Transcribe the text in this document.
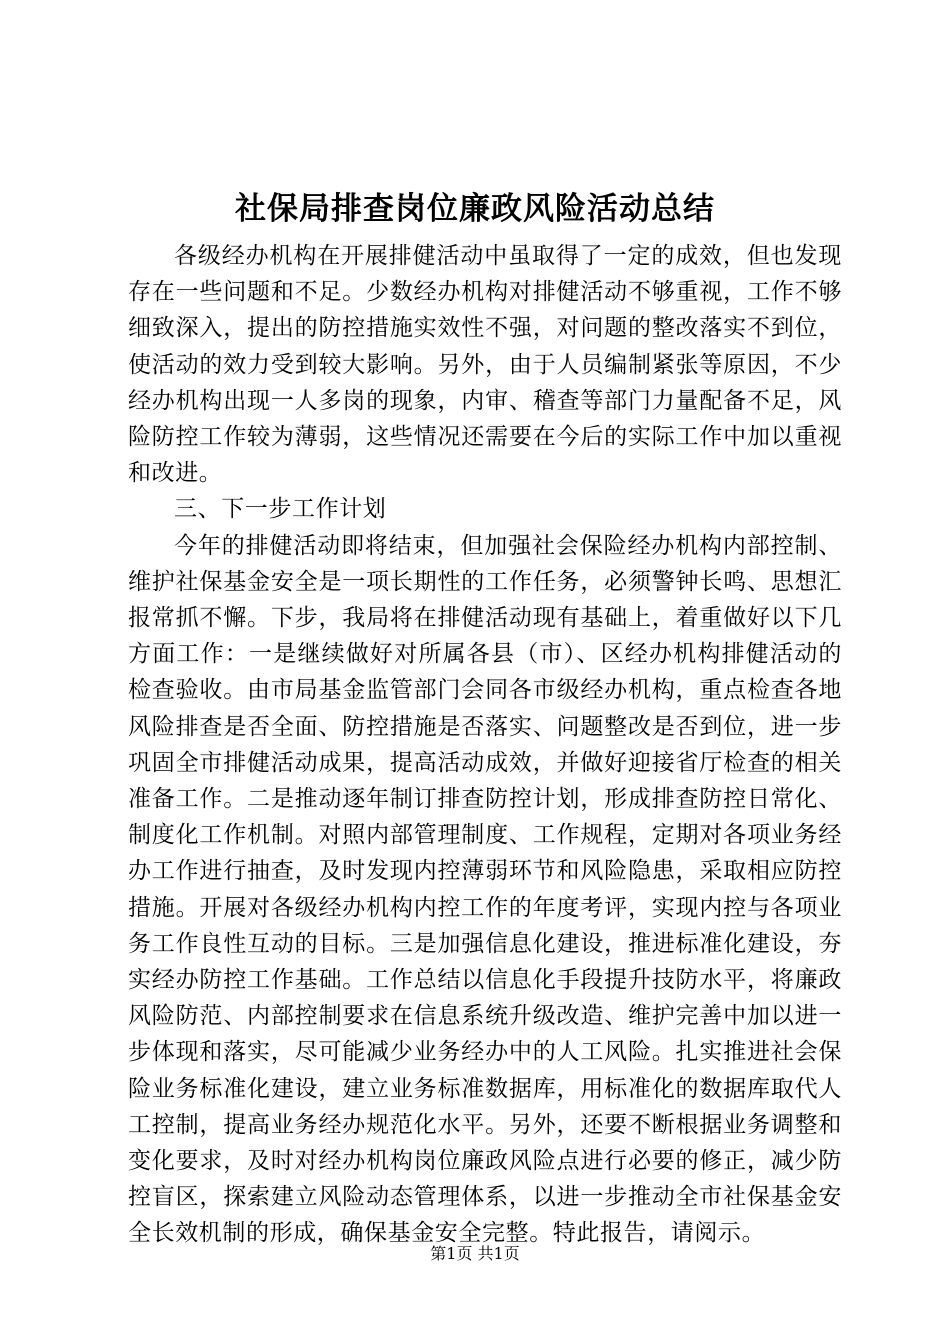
社保局排查岗位廉政风险活动总结

各级经办机构在开展排健活动中虽取得了一定的成效，但也发现存在一些问题和不足。少数经办机构对排健活动不够重视，工作不够细致深入，提出的防控措施实效性不强，对问题的整改落实不到位，使活动的效力受到较大影响。另外，由于人员编制紧张等原因，不少经办机构出现一人多岗的现象，内审、稽查等部门力量配备不足，风险防控工作较为薄弱，这些情况还需要在今后的实际工作中加以重视和改进。

三、下一步工作计划

今年的排健活动即将结束，但加强社会保险经办机构内部控制、维护社保基金安全是一项长期性的工作任务，必须警钟长鸣、思想汇报常抓不懈。下步，我局将在排健活动现有基础上，着重做好以下几方面工作：一是继续做好对所属各县（市）、区经办机构排健活动的检查验收。由市局基金监管部门会同各市级经办机构，重点检查各地风险排查是否全面、防控措施是否落实、问题整改是否到位，进一步巩固全市排健活动成果，提高活动成效，并做好迎接省厅检查的相关准备工作。二是推动逐年制订排查防控计划，形成排查防控日常化、制度化工作机制。对照内部管理制度、工作规程，定期对各项业务经办工作进行抽查，及时发现内控薄弱环节和风险隐患，采取相应防控措施。开展对各级经办机构内控工作的年度考评，实现内控与各项业务工作良性互动的目标。三是加强信息化建设，推进标准化建设，夯实经办防控工作基础。工作总结以信息化手段提升技防水平，将廉政风险防范、内部控制要求在信息系统升级改造、维护完善中加以进一步体现和落实，尽可能减少业务经办中的人工风险。扎实推进社会保险业务标准化建设，建立业务标准数据库，用标准化的数据库取代人工控制，提高业务经办规范化水平。另外，还要不断根据业务调整和变化要求，及时对经办机构岗位廉政风险点进行必要的修正，减少防控盲区，探索建立风险动态管理体系，以进一步推动全市社保基金安全长效机制的形成，确保基金安全完整。特此报告，请阅示。

第1页 共1页
